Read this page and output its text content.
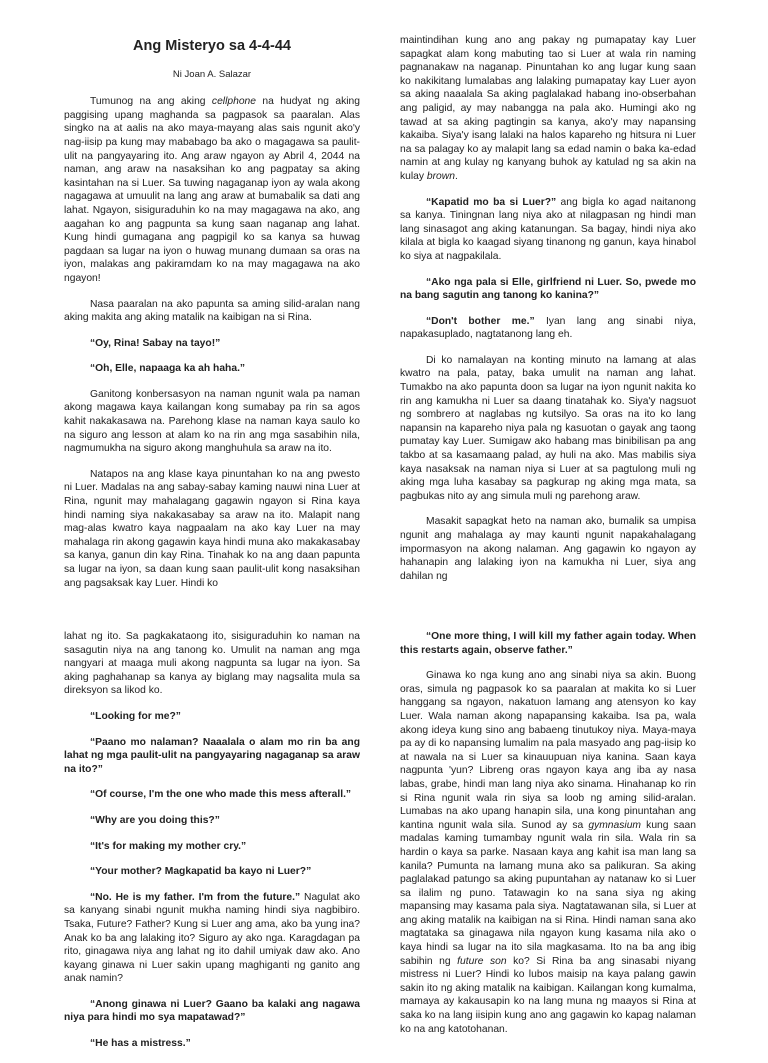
Ang Misteryo sa 4-4-44
Ni Joan A. Salazar

Tumunog na ang aking cellphone na hudyat ng aking paggising upang maghanda sa pagpasok sa paaralan. Alas singko na at aalis na ako maya-mayang alas sais ngunit ako'y nag-iisip pa kung may mababago ba ako o magagawa sa paulit-ulit na pangyayaring ito. Ang araw ngayon ay Abril 4, 2044 na naman, ang araw na nasaksihan ko ang pagpatay sa aking kasintahan na si Luer. Sa tuwing nagaganap iyon ay wala akong nagagawa at umuulit na lang ang araw at bumabalik sa dati ang lahat. Ngayon, sisiguraduhin ko na may magagawa na ako, ang aagahan ko ang pagpunta sa kung saan naganap ang lahat. Kung hindi gumagana ang pagpigil ko sa kanya sa huwag pagdaan sa lugar na iyon o huwag munang dumaan sa oras na iyon, malakas ang pakiramdam ko na may magagawa na ako ngayon!

Nasa paaralan na ako papunta sa aming silid-aralan nang aking makita ang aking matalik na kaibigan na si Rina.

“Oy, Rina! Sabay na tayo!”

“Oh, Elle, napaaga ka ah haha.”

Ganitong konbersasyon na naman ngunit wala pa naman akong magawa kaya kailangan kong sumabay pa rin sa agos kahit nakakasawa na. Parehong klase na naman kaya saulo ko na siguro ang lesson at alam ko na rin ang mga sasabihin nila, nagmumukha na siguro akong manghuhula sa araw na ito.

Natapos na ang klase kaya pinuntahan ko na ang pwesto ni Luer. Madalas na ang sabay-sabay kaming nauwi nina Luer at Rina, ngunit may mahalagang gagawin ngayon si Rina kaya hindi naming siya nakakasabay sa araw na ito. Malapit nang mag-alas kwatro kaya nagpaalam na ako kay Luer na may mahalaga rin akong gagawin kaya hindi muna ako makakasabay sa kanya, ganun din kay Rina. Tinahak ko na ang daan papunta sa lugar na iyon, sa daan kung saan paulit-ulit kong nasaksihan ang pagsaksak kay Luer. Hindi ko

maintindihan kung ano ang pakay ng pumapatay kay Luer sapagkat alam kong mabuting tao si Luer at wala rin naming pagnanakaw na naganap. Pinuntahan ko ang lugar kung saan ko nakikitang lumalabas ang lalaking pumapatay kay Luer ayon sa aking naaalala Sa aking paglalakad habang ino-obserbahan ang paligid, ay may nabangga na pala ako. Humingi ako ng tawad at sa aking pagtingin sa kanya, ako'y may napansing kakaiba. Siya'y isang lalaki na halos kapareho ng hitsura ni Luer na sa palagay ko ay malapit lang sa edad namin o baka ka-edad namin at ang kulay ng kanyang buhok ay katulad ng sa akin na kulay brown.

“Kapatid mo ba si Luer?” ang bigla ko agad naitanong sa kanya. Tiningnan lang niya ako at nilagpasan ng hindi man lang sinasagot ang aking katanungan. Sa bagay, hindi niya ako kilala at bigla ko kaagad siyang tinanong ng ganun, kaya hinabol ko siya at nagpakilala.

“Ako nga pala si Elle, girlfriend ni Luer. So, pwede mo na bang sagutin ang tanong ko kanina?”

“Don't bother me.” Iyan lang ang sinabi niya, napakasuplado, nagtatanong lang eh.

Di ko namalayan na konting minuto na lamang at alas kwatro na pala, patay, baka umulit na naman ang lahat. Tumakbo na ako papunta doon sa lugar na iyon ngunit nakita ko rin ang kamukha ni Luer sa daang tinatahak ko. Siya'y nagsuot ng sombrero at naglabas ng kutsilyo. Sa oras na ito ko lang napansin na kapareho niya pala ng kasuotan o gayak ang taong pumatay kay Luer. Sumigaw ako habang mas binibilisan pa ang takbo at sa kasamaang palad, ay huli na ako. Mas mabilis siya kaya nasaksak na naman niya si Luer at sa pagtulong muli ng aking mga luha kasabay sa pagkurap ng aking mga mata, sa pagbukas nito ay ang simula muli ng parehong araw.

Masakit sapagkat heto na naman ako, bumalik sa umpisa ngunit ang mahalaga ay may kaunti ngunit napakahalagang impormasyon na akong nalaman. Ang gagawin ko ngayon ay hahanapin ang lalaking iyon na kamukha ni Luer, siya ang dahilan ng

lahat ng ito. Sa pagkakataong ito, sisiguraduhin ko naman na sasagutin niya na ang tanong ko. Umulit na naman ang mga nangyari at maaga muli akong nagpunta sa lugar na iyon. Sa aking paghahanap sa kanya ay biglang may nagsalita mula sa direksyon sa likod ko.

“Looking for me?”

“Paano mo nalaman? Naaalala o alam mo rin ba ang lahat ng mga paulit-ulit na pangyayaring nagaganap sa araw na ito?”

“Of course, I'm the one who made this mess afterall.”

“Why are you doing this?”

“It's for making my mother cry.”

“Your mother? Magkapatid ba kayo ni Luer?”

“No. He is my father. I'm from the future.” Nagulat ako sa kanyang sinabi ngunit mukha naming hindi siya nagbibiro. Tsaka, Future? Father? Kung si Luer ang ama, ako ba yung ina? Anak ko ba ang lalaking ito? Siguro ay ako nga. Karagdagan pa rito, ginagawa niya ang lahat ng ito dahil umiyak daw ako. Ano kayang ginawa ni Luer sakin upang maghiganti ng ganito ang anak namin?

“Anong ginawa ni Luer? Gaano ba kalaki ang nagawa niya para hindi mo sya mapatawad?”

“He has a mistress.”

“One more thing, I will kill my father again today. When this restarts again, observe father.”

Ginawa ko nga kung ano ang sinabi niya sa akin. Buong oras, simula ng pagpasok ko sa paaralan at makita ko si Luer hanggang sa ngayon, nakatuon lamang ang atensyon ko kay Luer. Wala naman akong napapansing kakaiba. Isa pa, wala akong ideya kung sino ang babaeng tinutukoy niya. Maya-maya pa ay di ko napansing lumalim na pala masyado ang pag-iisip ko at nawala na si Luer sa kinauupuan niya kanina. Saan kaya nagpunta 'yun? Libreng oras ngayon kaya ang iba ay nasa labas, grabe, hindi man lang niya ako sinama. Hinahanap ko rin si Rina ngunit wala rin siya sa loob ng aming silid-aralan. Lumabas na ako upang hanapin sila, una kong pinuntahan ang kantina ngunit wala sila. Sunod ay sa gymnasium kung saan madalas kaming tumambay ngunit wala rin sila. Wala rin sa hardin o kaya sa parke. Nasaan kaya ang kahit isa man lang sa kanila? Pumunta na lamang muna ako sa palikuran. Sa aking paglalakad patungo sa aking pupuntahan ay natanaw ko si Luer sa ilalim ng puno. Tatawagin ko na sana siya ng aking mapansing may kasama pala siya. Nagtatawanan sila, si Luer at ang aking matalik na kaibigan na si Rina. Hindi naman sana ako magtataka sa ginagawa nila ngayon kung kasama nila ako o kaya hindi sa lugar na ito sila magkasama. Ito na ba ang ibig sabihin ng future son ko? Si Rina ba ang sinasabi niyang mistress ni Luer? Hindi ko lubos maisip na kaya palang gawin sakin ito ng aking matalik na kaibigan. Kailangan kong kumalma, mamaya ay kakausapin ko na lang muna ng maayos si Rina at saka ko na lang iisipin kung ano ang gagawin ko kapag nalaman ko na ang katotohanan.
